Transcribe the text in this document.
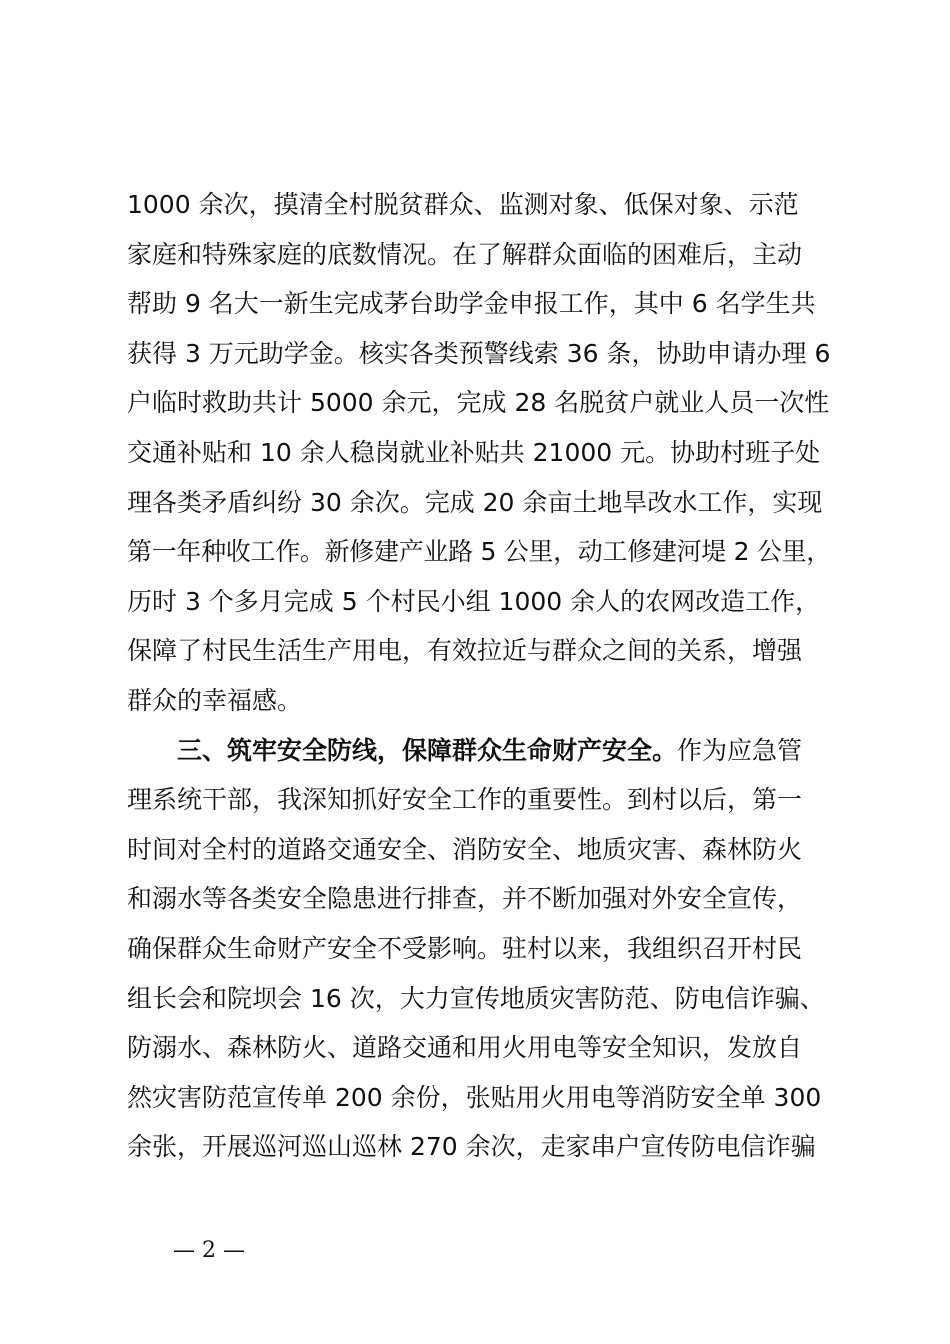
1000 余次，摸清全村脱贫群众、监测对象、低保对象、示范
家庭和特殊家庭的底数情况。在了解群众面临的困难后，主动
帮助 9 名大一新生完成茅台助学金申报工作，其中 6 名学生共
获得 3 万元助学金。核实各类预警线索 36 条，协助申请办理 6
户临时救助共计 5000 余元，完成 28 名脱贫户就业人员一次性
交通补贴和 10 余人稳岗就业补贴共 21000 元。协助村班子处
理各类矛盾纠纷 30 余次。完成 20 余亩土地旱改水工作，实现
第一年种收工作。新修建产业路 5 公里，动工修建河堤 2 公里，
历时 3 个多月完成 5 个村民小组 1000 余人的农网改造工作，
保障了村民生活生产用电，有效拉近与群众之间的关系，增强
群众的幸福感。
三、筑牢安全防线，保障群众生命财产安全。作为应急管
理系统干部，我深知抓好安全工作的重要性。到村以后，第一
时间对全村的道路交通安全、消防安全、地质灾害、森林防火
和溺水等各类安全隐患进行排查，并不断加强对外安全宣传，
确保群众生命财产安全不受影响。驻村以来，我组织召开村民
组长会和院坝会 16 次，大力宣传地质灾害防范、防电信诈骗、
防溺水、森林防火、道路交通和用火用电等安全知识，发放自
然灾害防范宣传单 200 余份，张贴用火用电等消防安全单 300
余张，开展巡河巡山巡林 270 余次，走家串户宣传防电信诈骗
— 2 —
